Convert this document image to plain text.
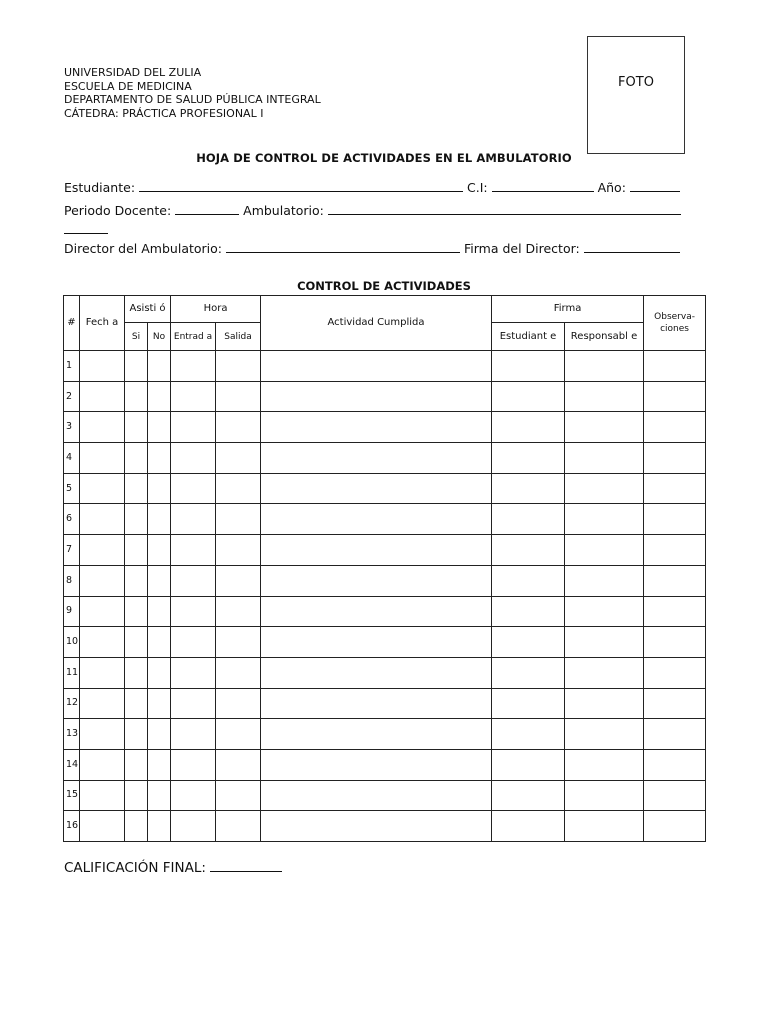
UNIVERSIDAD DEL ZULIA
ESCUELA DE MEDICINA
DEPARTAMENTO DE SALUD PÚBLICA INTEGRAL
CÁTEDRA: PRÁCTICA PROFESIONAL I
FOTO
HOJA DE CONTROL DE ACTIVIDADES EN EL AMBULATORIO
Estudiante:	C.I:	Año:
Periodo Docente:	Ambulatorio:
Director del Ambulatorio:	Firma del Director:
CONTROL DE ACTIVIDADES
#	Fech a	Asisti ó		Hora		Actividad Cumplida	Firma		Observa- ciones
		Si	No	Entrad a	Salida		Estudiant e	Responsabl e	
1									
2									
3									
4									
5									
6									
7									
8									
9									
10									
11									
12									
13									
14									
15									
16									
CALIFICACIÓN FINAL:
